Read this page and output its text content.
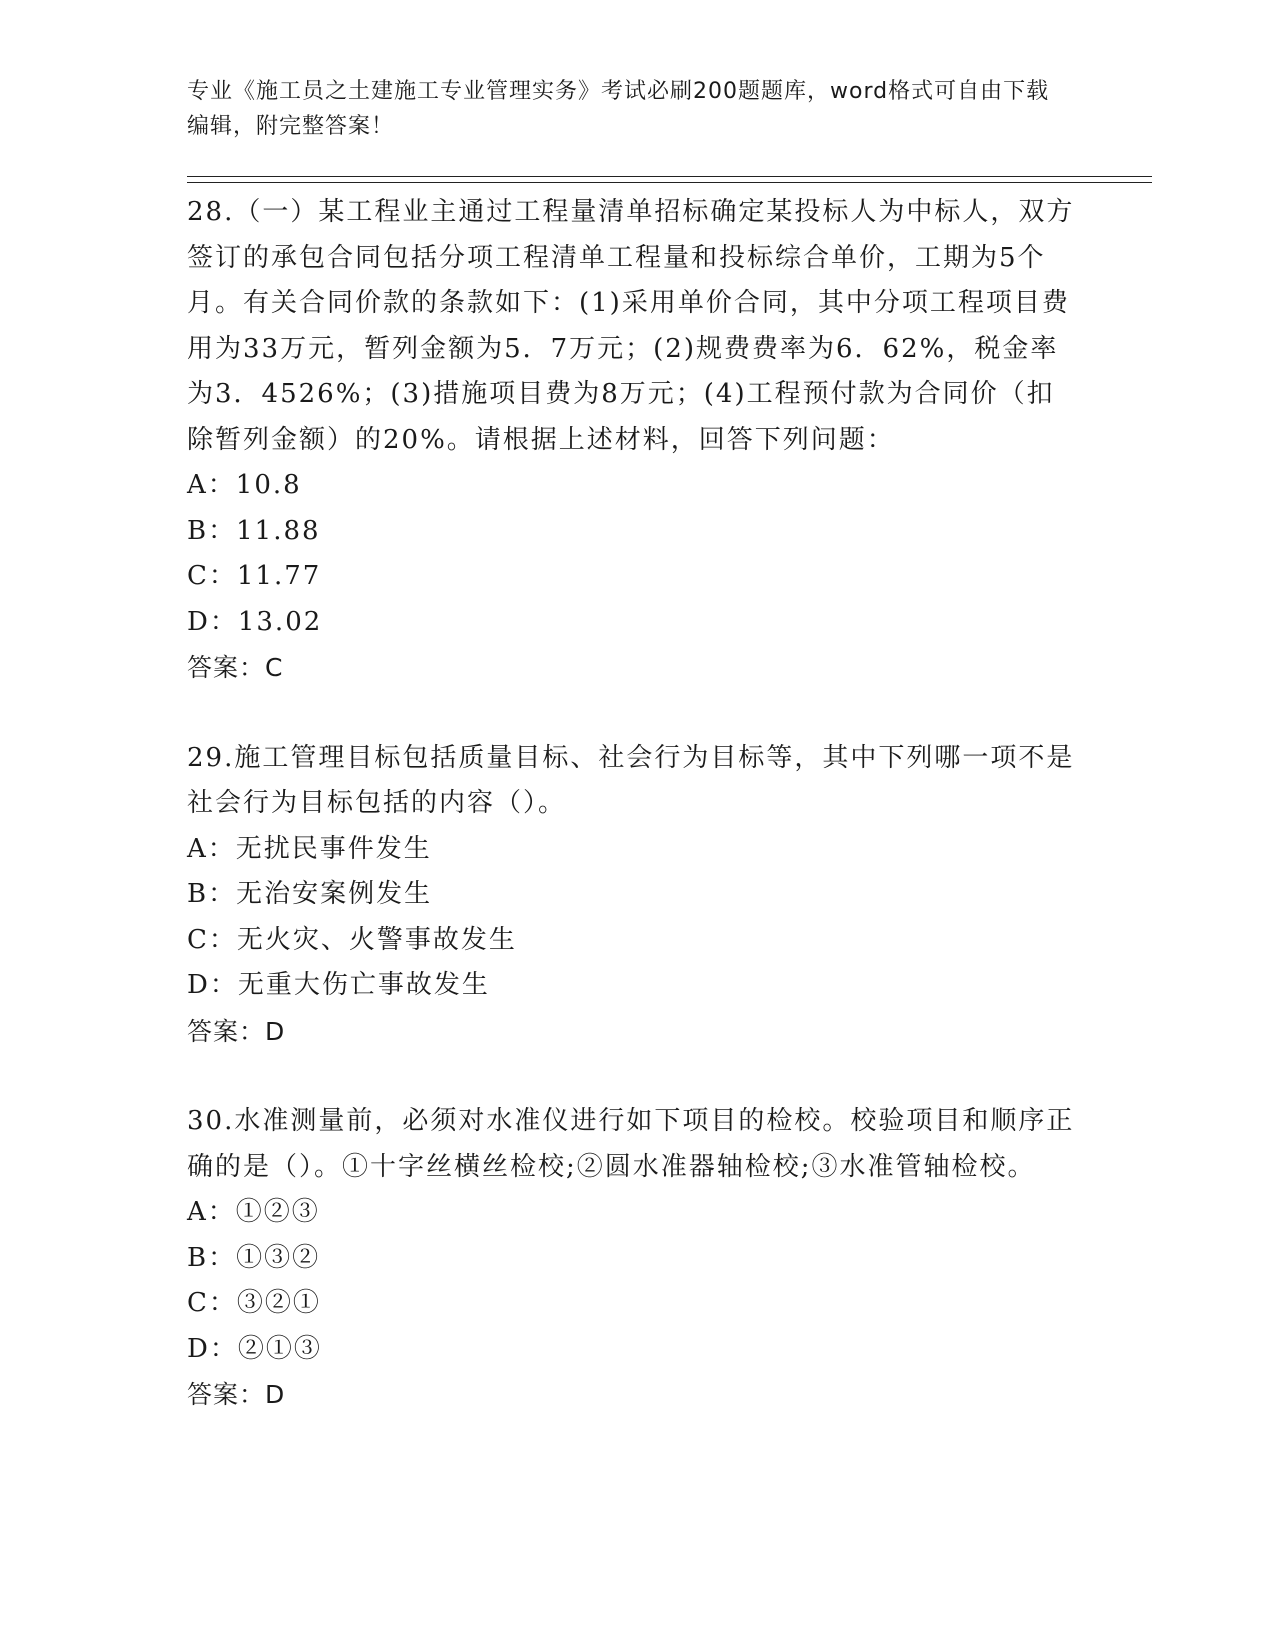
专业《施工员之土建施工专业管理实务》考试必刷200题题库，word格式可自由下载编辑，附完整答案！

28.（一）某工程业主通过工程量清单招标确定某投标人为中标人，双方签订的承包合同包括分项工程清单工程量和投标综合单价，工期为5个月。有关合同价款的条款如下：(1)采用单价合同，其中分项工程项目费用为33万元，暂列金额为5．7万元；(2)规费费率为6．62%，税金率为3．4526%；(3)措施项目费为8万元；(4)工程预付款为合同价（扣除暂列金额）的20%。请根据上述材料，回答下列问题：

A：10.8
B：11.88
C：11.77
D：13.02
答案：C

29.施工管理目标包括质量目标、社会行为目标等，其中下列哪一项不是社会行为目标包括的内容（）。

A：无扰民事件发生
B：无治安案例发生
C：无火灾、火警事故发生
D：无重大伤亡事故发生
答案：D

30.水准测量前，必须对水准仪进行如下项目的检校。校验项目和顺序正确的是（）。①十字丝横丝检校;②圆水准器轴检校;③水准管轴检校。

A：①②③
B：①③②
C：③②①
D：②①③
答案：D
